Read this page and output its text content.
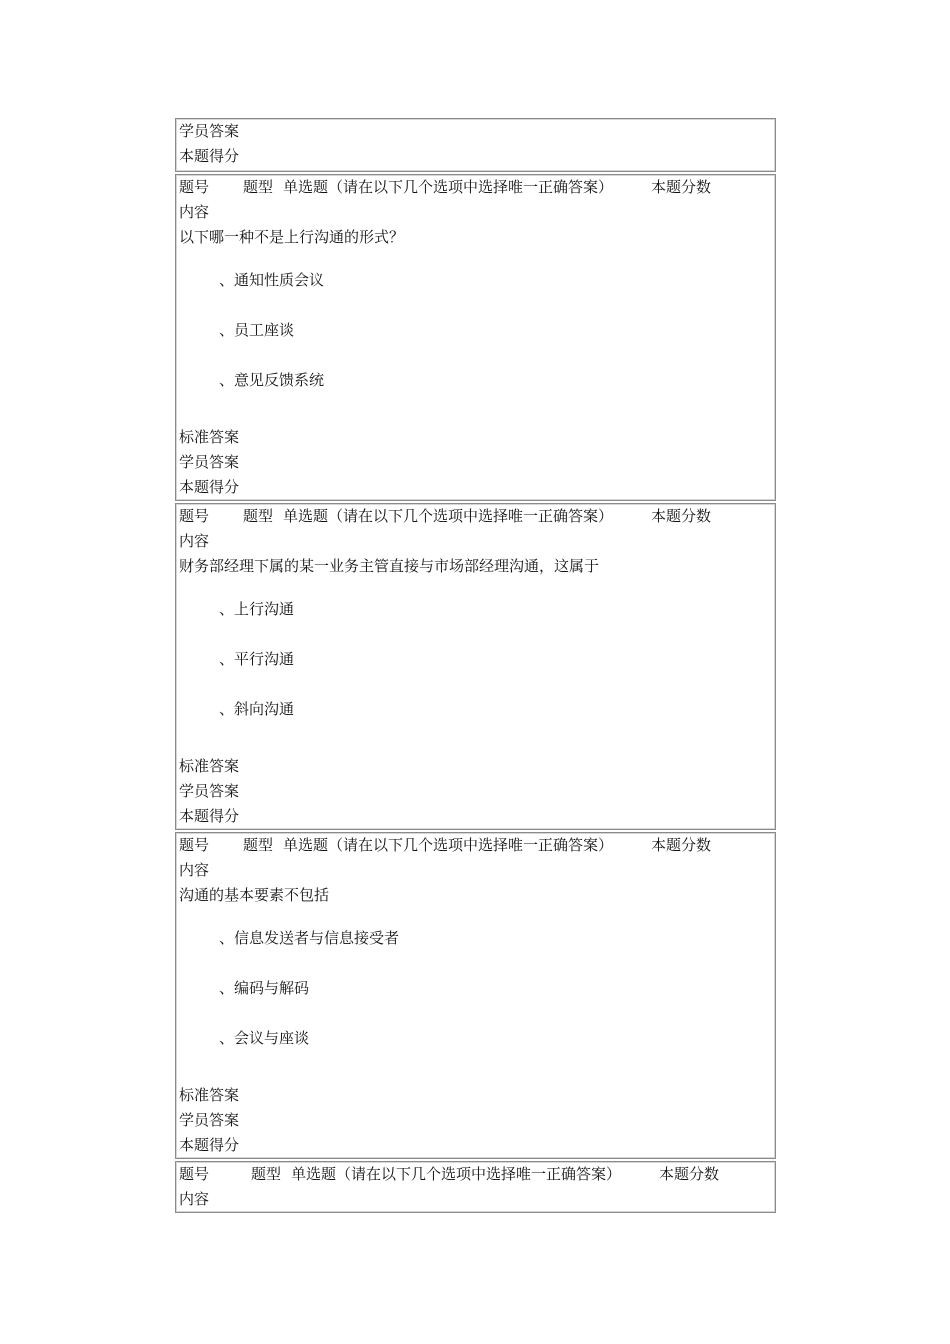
学员答案
本题得分
题号 题型 单选题（请在以下几个选项中选择唯一正确答案）	本题分数
内容
以下哪一种不是上行沟通的形式？
、通知性质会议
、员工座谈
、意见反馈系统
标准答案
学员答案
本题得分
题号 题型 单选题（请在以下几个选项中选择唯一正确答案）	本题分数
内容
财务部经理下属的某一业务主管直接与市场部经理沟通，这属于
、上行沟通
、平行沟通
、斜向沟通
标准答案
学员答案
本题得分
题号 题型 单选题（请在以下几个选项中选择唯一正确答案）	本题分数
内容
沟通的基本要素不包括
、信息发送者与信息接受者
、编码与解码
、会议与座谈
标准答案
学员答案
本题得分
题号	题型 单选题（请在以下几个选项中选择唯一正确答案）	本题分数
内容
